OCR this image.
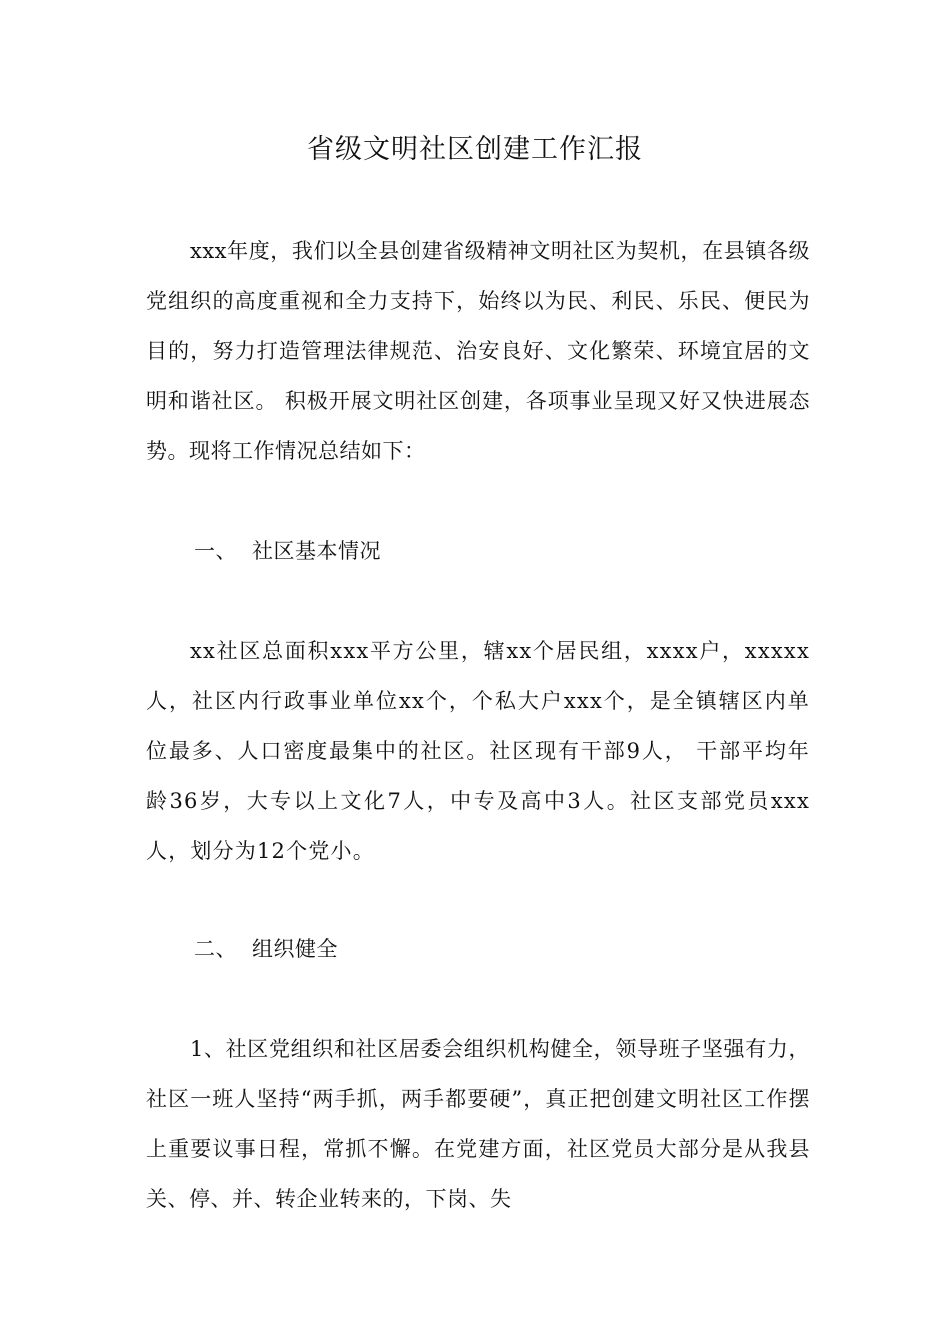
省级文明社区创建工作汇报

xxx年度，我们以全县创建省级精神文明社区为契机，在县镇各级党组织的高度重视和全力支持下，始终以为民、利民、乐民、便民为目的，努力打造管理法律规范、治安良好、文化繁荣、环境宜居的文明和谐社区。 积极开展文明社区创建，各项事业呈现又好又快进展态势。现将工作情况总结如下：

一、 社区基本情况

xx社区总面积xxx平方公里，辖xx个居民组，xxxx户，xxxxx人，社区内行政事业单位xx个，个私大户xxx个，是全镇辖区内单位最多、人口密度最集中的社区。社区现有干部9人， 干部平均年龄36岁，大专以上文化7人，中专及高中3人。社区支部党员xxx人，划分为12个党小。

二、 组织健全

1、社区党组织和社区居委会组织机构健全，领导班子坚强有力，社区一班人坚持“两手抓，两手都要硬”，真正把创建文明社区工作摆上重要议事日程，常抓不懈。在党建方面，社区党员大部分是从我县关、停、并、转企业转来的，下岗、失
